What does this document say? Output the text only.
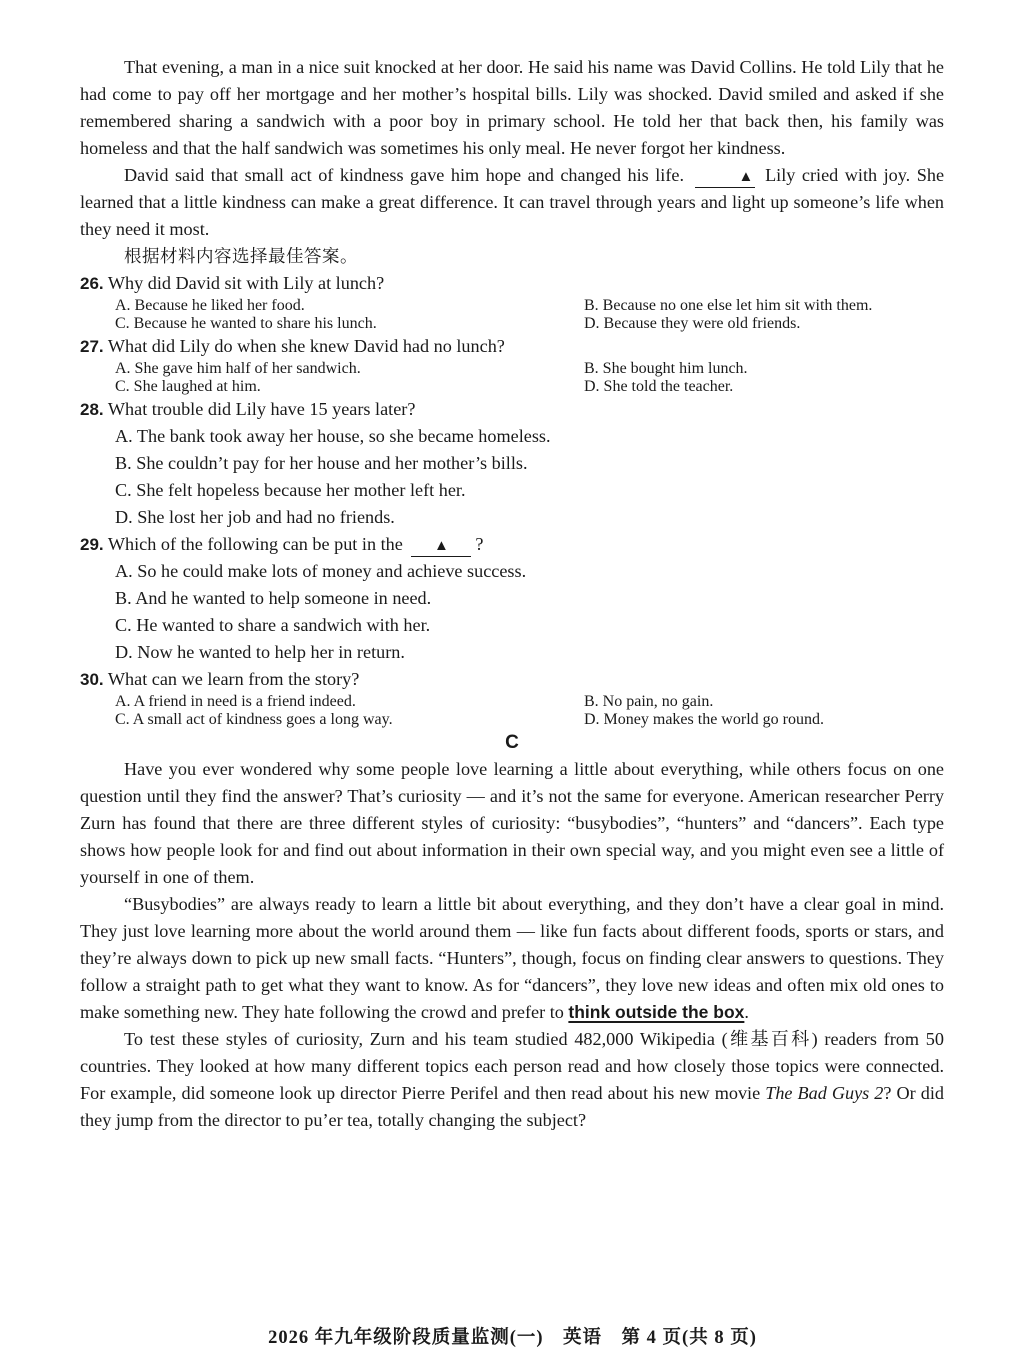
That evening, a man in a nice suit knocked at her door. He said his name was David Collins. He told Lily that he had come to pay off her mortgage and her mother’s hospital bills. Lily was shocked. David smiled and asked if she remembered sharing a sandwich with a poor boy in primary school. He told her that back then, his family was homeless and that the half sandwich was sometimes his only meal. He never forgot her kindness.

David said that small act of kindness gave him hope and changed his life.	▲ Lily cried with joy. She learned that a little kindness can make a great difference. It can travel through years and light up someone’s life when they need it most.

根据材料内容选择最佳答案。

26. Why did David sit with Lily at lunch?
A. Because he liked her food.	B. Because no one else let him sit with them.
C. Because he wanted to share his lunch.	D. Because they were old friends.
27. What did Lily do when she knew David had no lunch?
A. She gave him half of her sandwich.	B. She bought him lunch.
C. She laughed at him.	D. She told the teacher.
28. What trouble did Lily have 15 years later?
A. The bank took away her house, so she became homeless.
B. She couldn’t pay for her house and her mother’s bills.
C. She felt hopeless because her mother left her.
D. She lost her job and had no friends.
29. Which of the following can be put in the ▲ ?
A. So he could make lots of money and achieve success.
B. And he wanted to help someone in need.
C. He wanted to share a sandwich with her.
D. Now he wanted to help her in return.
30. What can we learn from the story?
A. A friend in need is a friend indeed.	B. No pain, no gain.
C. A small act of kindness goes a long way.	D. Money makes the world go round.
C

Have you ever wondered why some people love learning a little about everything, while others focus on one question until they find the answer? That’s curiosity — and it’s not the same for everyone. American researcher Perry Zurn has found that there are three different styles of curiosity: “busybodies”, “hunters” and “dancers”. Each type shows how people look for and find out about information in their own special way, and you might even see a little of yourself in one of them.

“Busybodies” are always ready to learn a little bit about everything, and they don’t have a clear goal in mind. They just love learning more about the world around them — like fun facts about different foods, sports or stars, and they’re always down to pick up new small facts. “Hunters”, though, focus on finding clear answers to questions. They follow a straight path to get what they want to know. As for “dancers”, they love new ideas and often mix old ones to make something new. They hate following the crowd and prefer to think outside the box.

To test these styles of curiosity, Zurn and his team studied 482,000 Wikipedia (维基百科) readers from 50 countries. They looked at how many different topics each person read and how closely those topics were connected. For example, did someone look up director Pierre Perifel and then read about his new movie The Bad Guys 2? Or did they jump from the director to pu’er tea, totally changing the subject?

2026 年九年级阶段质量监测(一)　英语　第 4 页(共 8 页)
